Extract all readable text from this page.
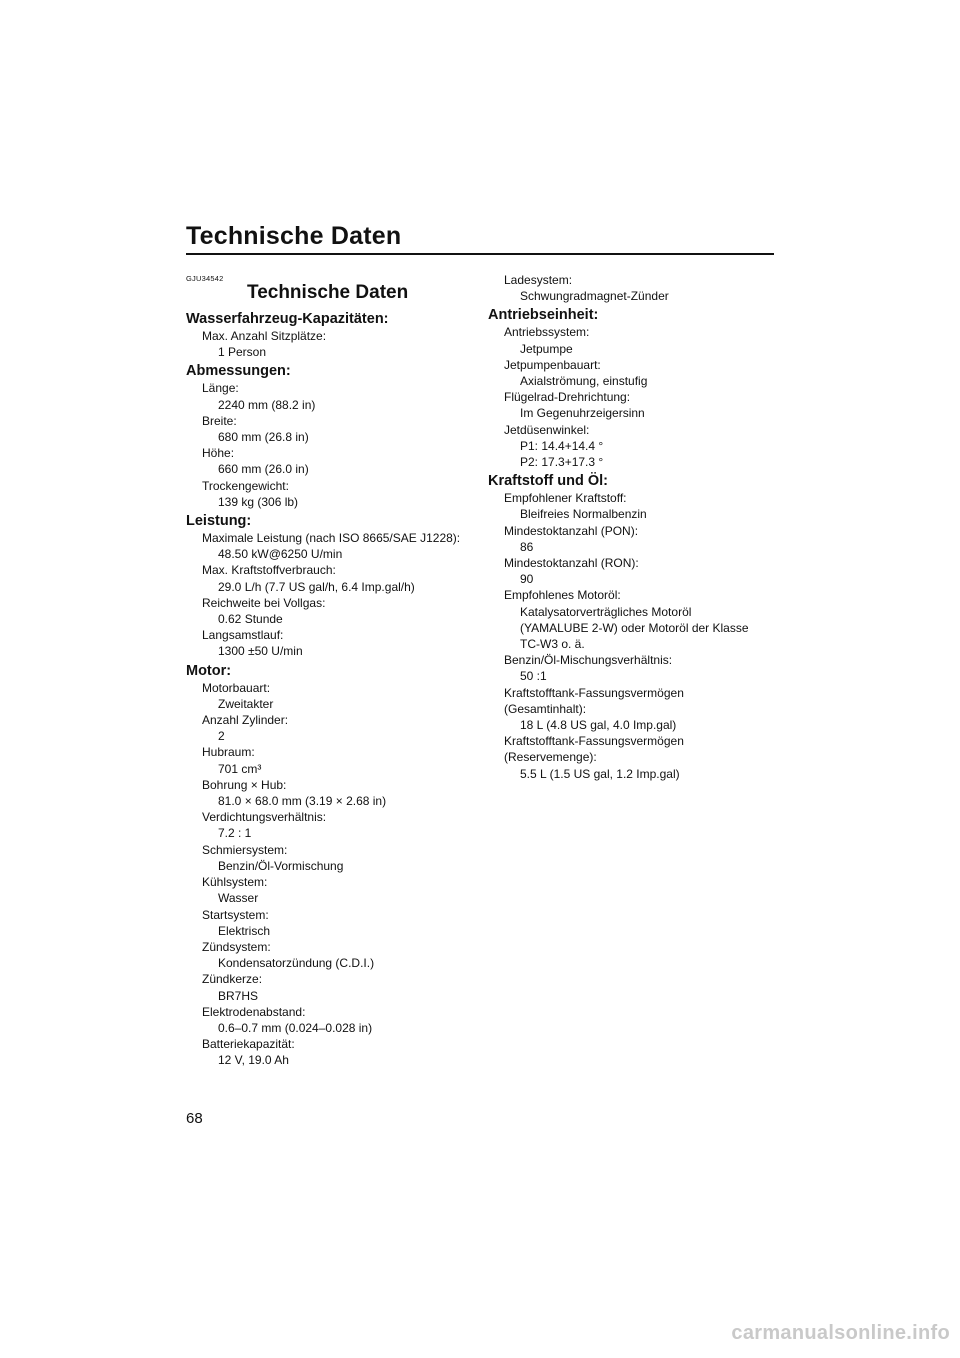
Technische Daten
GJU34542
Technische Daten
Wasserfahrzeug-Kapazitäten:
Max. Anzahl Sitzplätze:
1 Person
Abmessungen:
Länge:
2240 mm (88.2 in)
Breite:
680 mm (26.8 in)
Höhe:
660 mm (26.0 in)
Trockengewicht:
139 kg (306 lb)
Leistung:
Maximale Leistung (nach ISO 8665/SAE J1228):
48.50 kW@6250 U/min
Max. Kraftstoffverbrauch:
29.0 L/h (7.7 US gal/h, 6.4 Imp.gal/h)
Reichweite bei Vollgas:
0.62 Stunde
Langsamstlauf:
1300 ±50 U/min
Motor:
Motorbauart:
Zweitakter
Anzahl Zylinder:
2
Hubraum:
701 cm³
Bohrung × Hub:
81.0 × 68.0 mm (3.19 × 2.68 in)
Verdichtungsverhältnis:
7.2 : 1
Schmiersystem:
Benzin/Öl-Vormischung
Kühlsystem:
Wasser
Startsystem:
Elektrisch
Zündsystem:
Kondensatorzündung (C.D.I.)
Zündkerze:
BR7HS
Elektrodenabstand:
0.6–0.7 mm (0.024–0.028 in)
Batteriekapazität:
12 V, 19.0 Ah
Ladesystem:
Schwungradmagnet-Zünder
Antriebseinheit:
Antriebssystem:
Jetpumpe
Jetpumpenbauart:
Axialströmung, einstufig
Flügelrad-Drehrichtung:
Im Gegenuhrzeigersinn
Jetdüsenwinkel:
P1: 14.4+14.4 °
P2: 17.3+17.3 °
Kraftstoff und Öl:
Empfohlener Kraftstoff:
Bleifreies Normalbenzin
Mindestoktanzahl (PON):
86
Mindestoktanzahl (RON):
90
Empfohlenes Motoröl:
Katalysatorverträgliches Motoröl
(YAMALUBE 2-W) oder Motoröl der Klasse
TC-W3 o. ä.
Benzin/Öl-Mischungsverhältnis:
50 :1
Kraftstofftank-Fassungsvermögen
(Gesamtinhalt):
18 L (4.8 US gal, 4.0 Imp.gal)
Kraftstofftank-Fassungsvermögen
(Reservemenge):
5.5 L (1.5 US gal, 1.2 Imp.gal)
68
carmanualsonline.info
